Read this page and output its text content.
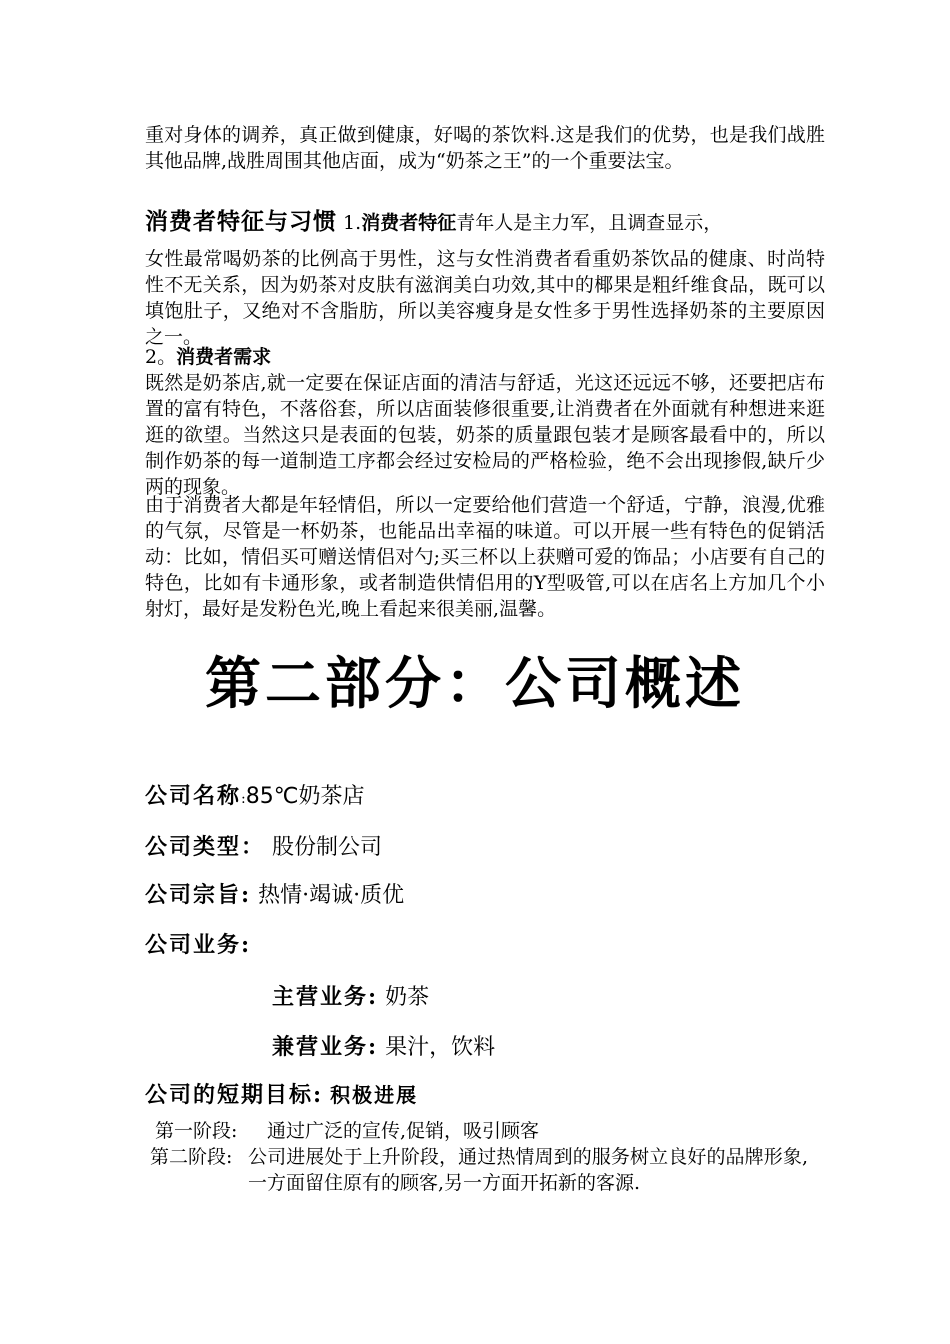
重对身体的调养，真正做到健康，好喝的茶饮料.这是我们的优势，也是我们战胜其他品牌,战胜周围其他店面，成为“奶茶之王”的一个重要法宝。

消费者特征与习惯 1.消费者特征青年人是主力军，且调查显示，

女性最常喝奶茶的比例高于男性，这与女性消费者看重奶茶饮品的健康、时尚特性不无关系，因为奶茶对皮肤有滋润美白功效,其中的椰果是粗纤维食品，既可以填饱肚子，又绝对不含脂肪，所以美容瘦身是女性多于男性选择奶茶的主要原因之一。

2。消费者需求

既然是奶茶店,就一定要在保证店面的清洁与舒适，光这还远远不够，还要把店布置的富有特色，不落俗套，所以店面装修很重要,让消费者在外面就有种想进来逛逛的欲望。当然这只是表面的包装，奶茶的质量跟包装才是顾客最看中的，所以制作奶茶的每一道制造工序都会经过安检局的严格检验，绝不会出现掺假,缺斤少两的现象。

由于消费者大都是年轻情侣，所以一定要给他们营造一个舒适，宁静，浪漫,优雅的气氛，尽管是一杯奶茶，也能品出幸福的味道。可以开展一些有特色的促销活动：比如，情侣买可赠送情侣对勺;买三杯以上获赠可爱的饰品；小店要有自己的特色，比如有卡通形象，或者制造供情侣用的Y型吸管,可以在店名上方加几个小射灯，最好是发粉色光,晚上看起来很美丽,温馨。

第二部分：公司概述
公司名称:85℃奶茶店
公司类型： 股份制公司
公司宗旨: 热情·竭诚·质优
公司业务:
主营业务: 奶茶
兼营业务: 果汁，饮料
公司的短期目标: 积极进展
第一阶段: 通过广泛的宣传,促销，吸引顾客
第二阶段: 公司进展处于上升阶段，通过热情周到的服务树立良好的品牌形象,一方面留住原有的顾客,另一方面开拓新的客源.
